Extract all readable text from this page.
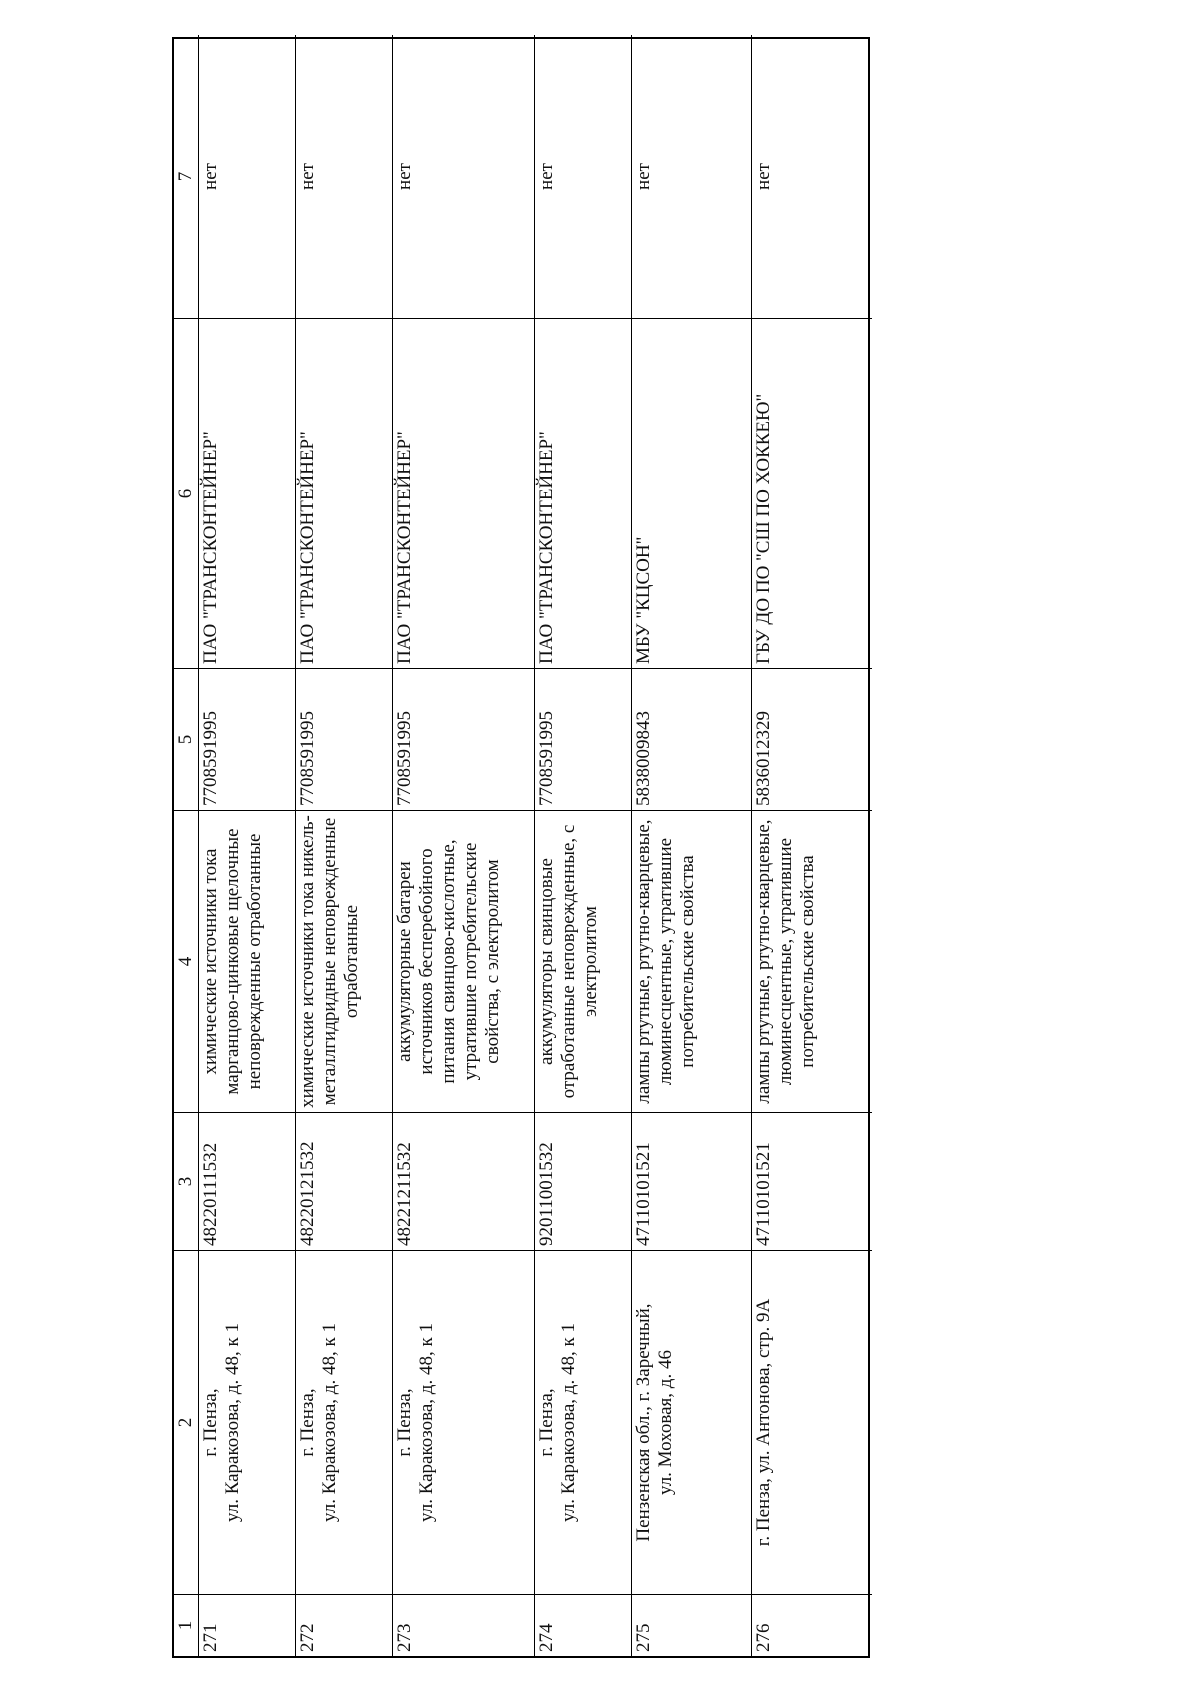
1
2
3
4
5
6
7
271
г. Пенза,
ул. Каракозова, д. 48, к 1
48220111532
химические источники тока марганцово-цинковые щелочные неповрежденные отработанные
7708591995
ПАО "ТРАНСКОНТЕЙНЕР"
нет
272
г. Пенза,
ул. Каракозова, д. 48, к 1
48220121532
химические источники тока никель-металлгидридные неповрежденные отработанные
7708591995
ПАО "ТРАНСКОНТЕЙНЕР"
нет
273
г. Пенза,
ул. Каракозова, д. 48, к 1
48221211532
аккумуляторные батареи источников бесперебойного питания свинцово-кислотные, утратившие потребительские свойства, с электролитом
7708591995
ПАО "ТРАНСКОНТЕЙНЕР"
нет
274
г. Пенза,
ул. Каракозова, д. 48, к 1
92011001532
аккумуляторы свинцовые отработанные неповрежденные, с электролитом
7708591995
ПАО "ТРАНСКОНТЕЙНЕР"
нет
275
Пензенская обл., г. Заречный,
ул. Моховая, д. 46
47110101521
лампы ртутные, ртутно-кварцевые, люминесцентные, утратившие потребительские свойства
5838009843
МБУ "КЦСОН"
нет
276
г. Пенза, ул. Антонова, стр. 9А
47110101521
лампы ртутные, ртутно-кварцевые, люминесцентные, утратившие потребительские свойства
5836012329
ГБУ ДО ПО "СШ ПО ХОККЕЮ"
нет
